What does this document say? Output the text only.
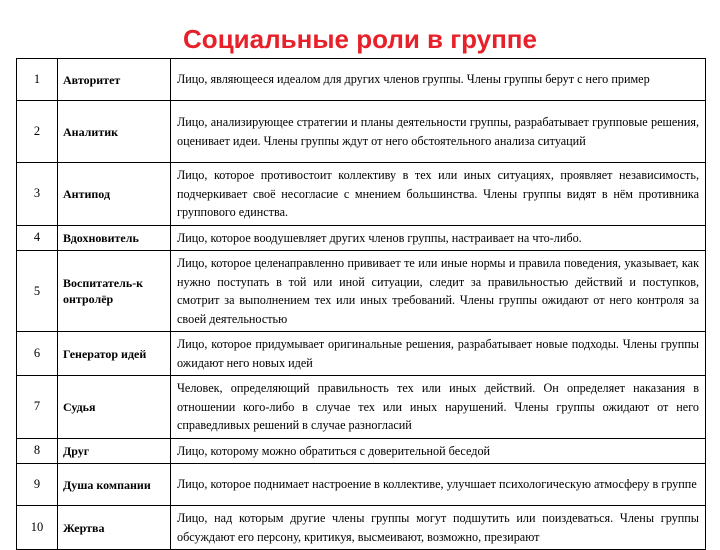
Социальные роли в группе
1	Авторитет	Лицо, являющееся идеалом для других членов группы. Члены группы берут с него пример
2	Аналитик	Лицо, анализирующее стратегии и планы деятельности группы, разрабатывает групповые решения, оценивает идеи. Члены группы ждут от него обстоятельного анализа ситуаций
3	Антипод	Лицо, которое противостоит коллективу в тех или иных ситуациях, проявляет независимость, подчеркивает своё несогласие с мнением большинства. Члены группы видят в нём противника группового единства.
4	Вдохновитель	Лицо, которое воодушевляет других членов группы, настраивает на что-либо.
5	Воспитатель-к онтролёр	Лицо, которое целенаправленно прививает те или иные нормы и правила поведения, указывает, как нужно поступать в той или иной ситуации, следит за правильностью действий и поступков, смотрит за выполнением тех или иных требований. Члены группы ожидают от него контроля за своей деятельностью
6	Генератор идей	Лицо, которое придумывает оригинальные решения, разрабатывает новые подходы. Члены группы ожидают него новых идей
7	Судья	Человек, определяющий правильность тех или иных действий. Он определяет наказания в отношении кого-либо в случае тех или иных нарушений. Члены группы ожидают от него справедливых решений в случае разногласий
8	Друг	Лицо, которому можно обратиться с доверительной беседой
9	Душа компании	Лицо, которое поднимает настроение в коллективе, улучшает психологическую атмосферу в группе
10	Жертва	Лицо, над которым другие члены группы могут подшутить или поиздеваться. Члены группы обсуждают его персону, критикуя, высмеивают, возможно, презирают
